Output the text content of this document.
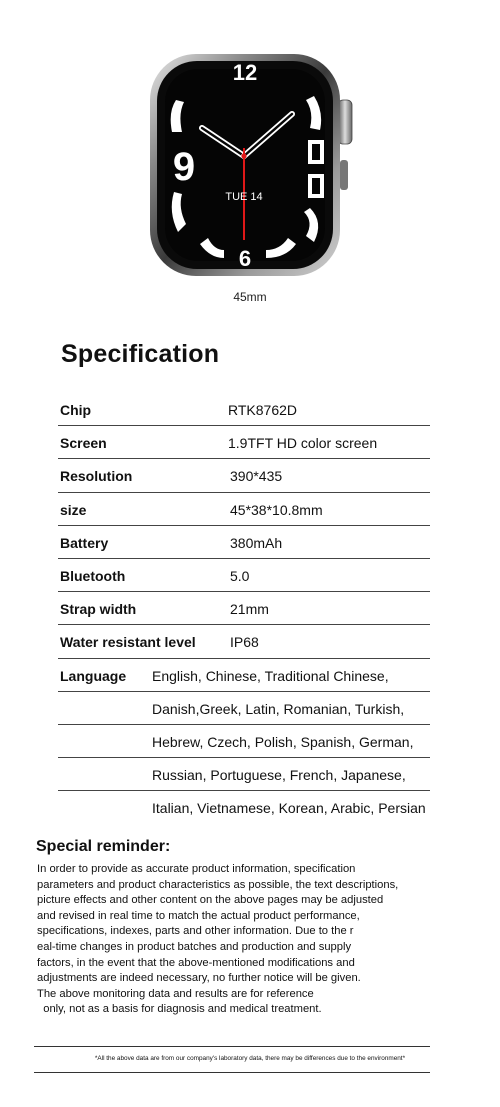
12
9
6
TUE 14
45mm
Specification
Chip	RTK8762D
Screen	1.9TFT HD color screen
Resolution	390*435
size	45*38*10.8mm
Battery	380mAh
Bluetooth	5.0
Strap width	21mm
Water resistant level IP68
Language English, Chinese, Traditional Chinese,
Danish,Greek, Latin, Romanian, Turkish,
Hebrew, Czech, Polish, Spanish, German,
Russian, Portuguese, French, Japanese,
Italian, Vietnamese, Korean, Arabic, Persian
Special reminder:
In order to provide as accurate product information, specification
parameters and product characteristics as possible, the text descriptions,
picture effects and other content on the above pages may be adjusted
and revised in real time to match the actual product performance,
specifications, indexes, parts and other information. Due to the r
eal-time changes in product batches and production and supply
factors, in the event that the above-mentioned modifications and
adjustments are indeed necessary, no further notice will be given.
The above monitoring data and results are for reference
only, not as a basis for diagnosis and medical treatment.
*All the above data are from our company's laboratory data, there may be differences due to the environment*
